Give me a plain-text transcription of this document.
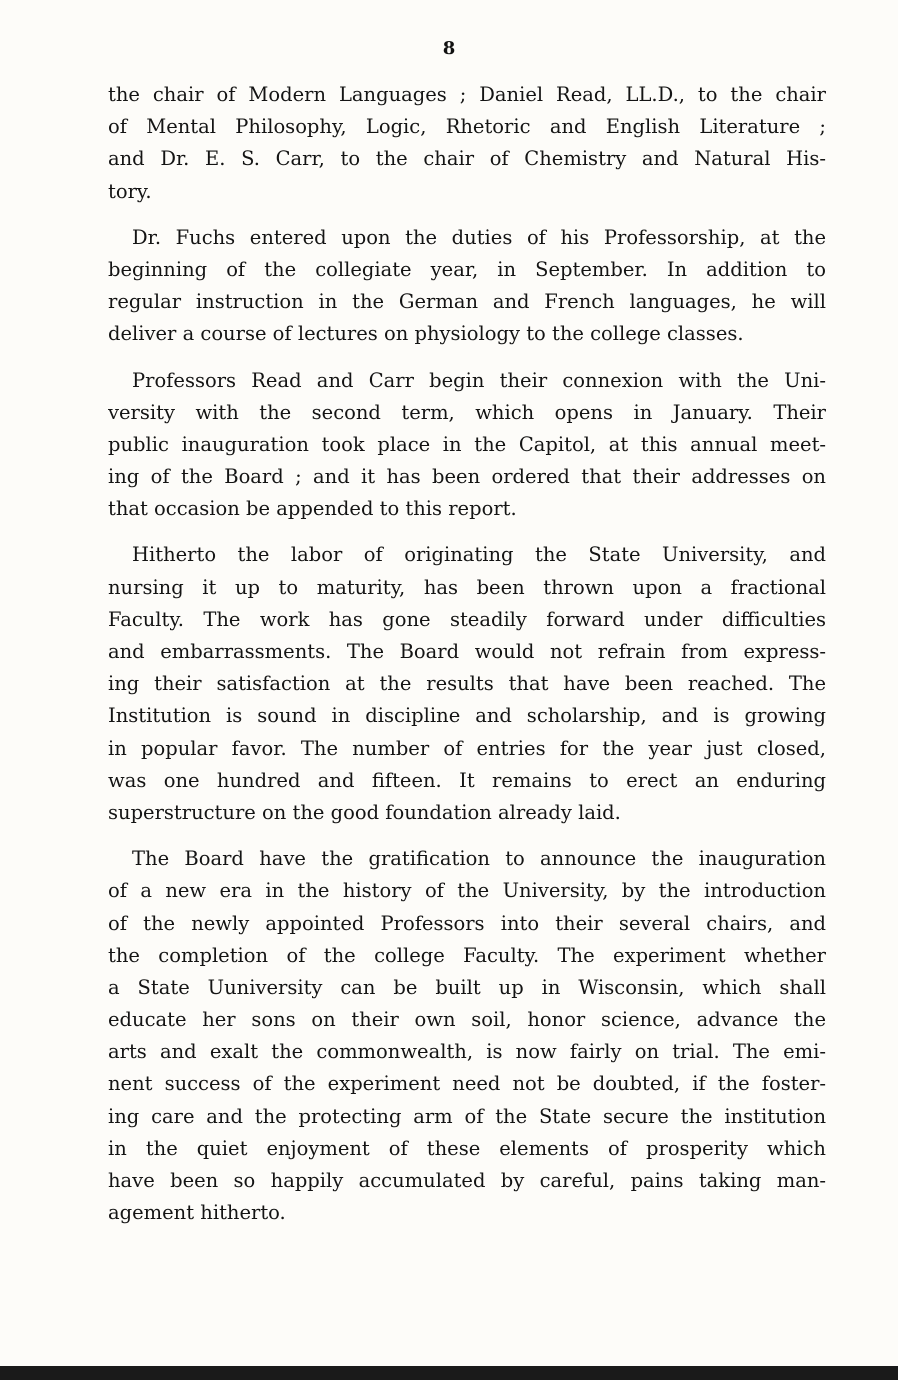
8
the chair of Modern Languages ; Daniel Read, LL.D., to the chair
of Mental Philosophy, Logic, Rhetoric and English Literature ;
and Dr. E. S. Carr, to the chair of Chemistry and Natural His-
tory.
Dr. Fuchs entered upon the duties of his Professorship, at the
beginning of the collegiate year, in September. In addition to
regular instruction in the German and French languages, he will
deliver a course of lectures on physiology to the college classes.
Professors Read and Carr begin their connexion with the Uni-
versity with the second term, which opens in January. Their
public inauguration took place in the Capitol, at this annual meet-
ing of the Board ; and it has been ordered that their addresses on
that occasion be appended to this report.
Hitherto the labor of originating the State University, and
nursing it up to maturity, has been thrown upon a fractional
Faculty. The work has gone steadily forward under difficulties
and embarrassments. The Board would not refrain from express-
ing their satisfaction at the results that have been reached. The
Institution is sound in discipline and scholarship, and is growing
in popular favor. The number of entries for the year just closed,
was one hundred and fifteen. It remains to erect an enduring
superstructure on the good foundation already laid.
The Board have the gratification to announce the inauguration
of a new era in the history of the University, by the introduction
of the newly appointed Professors into their several chairs, and
the completion of the college Faculty. The experiment whether
a State Uuniversity can be built up in Wisconsin, which shall
educate her sons on their own soil, honor science, advance the
arts and exalt the commonwealth, is now fairly on trial. The emi-
nent success of the experiment need not be doubted, if the foster-
ing care and the protecting arm of the State secure the institution
in the quiet enjoyment of these elements of prosperity which
have been so happily accumulated by careful, pains taking man-
agement hitherto.
